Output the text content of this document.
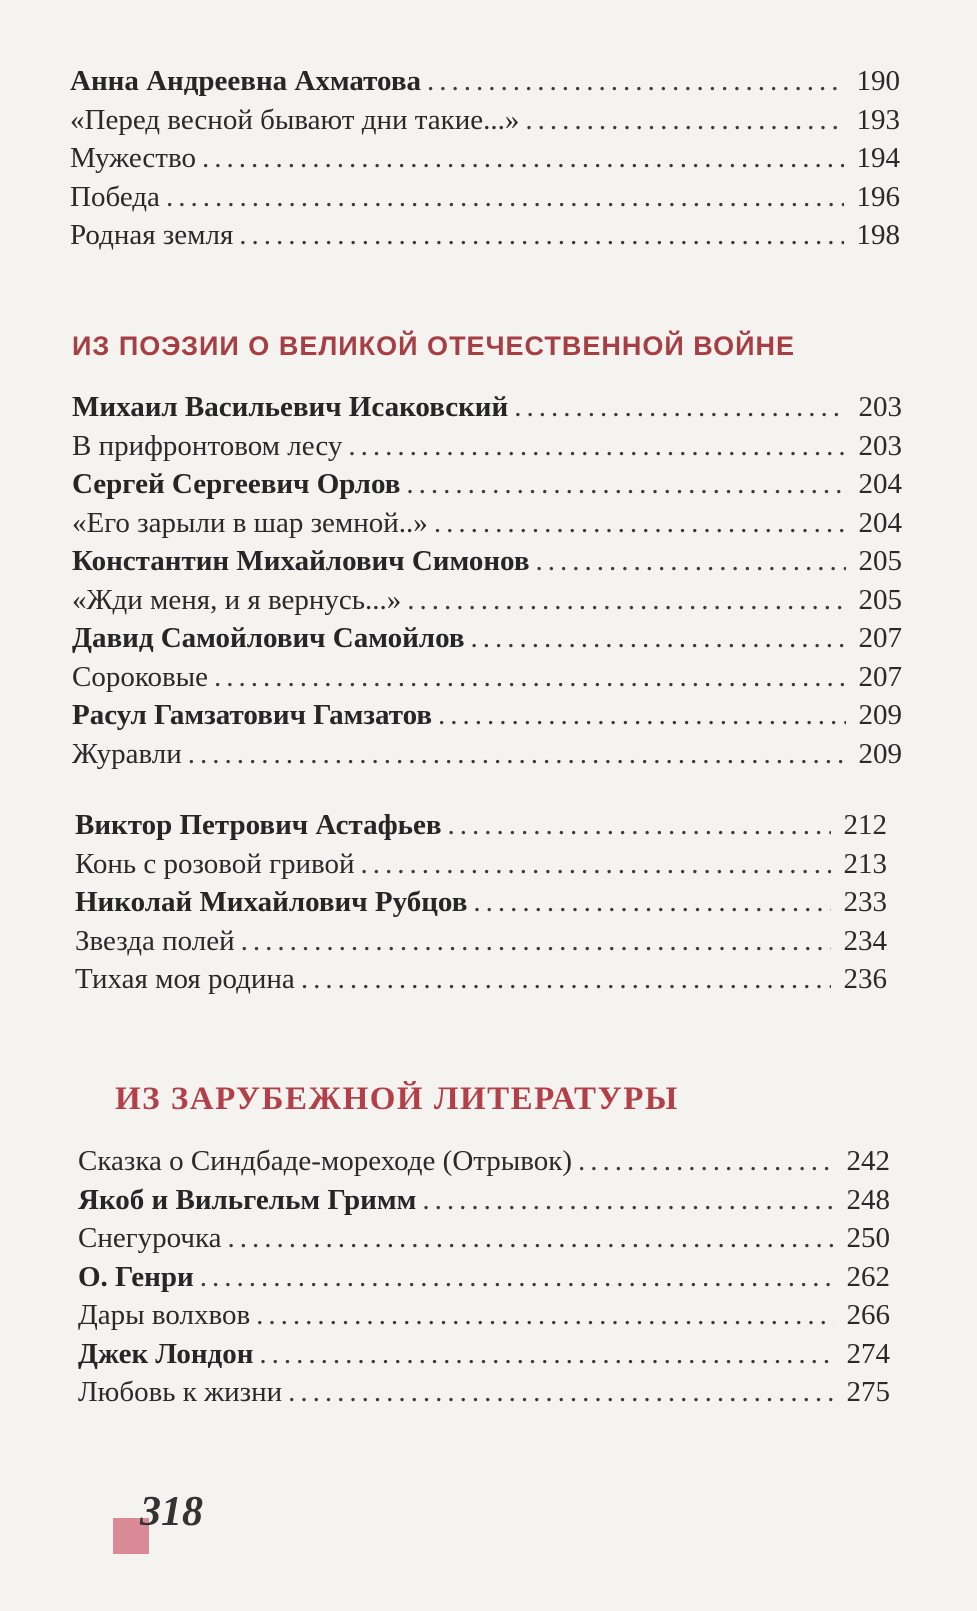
Анна Андреевна Ахматова .....	190
«Перед весной бывают дни такие...» .....	193
Мужество .....	194
Победа .....	196
Родная земля .....	198
ИЗ ПОЭЗИИ О ВЕЛИКОЙ ОТЕЧЕСТВЕННОЙ ВОЙНЕ
Михаил Васильевич Исаковский .....	203
В прифронтовом лесу .....	203
Сергей Сергеевич Орлов .....	204
«Его зарыли в шар земной..» .....	204
Константин Михайлович Симонов .....	205
«Жди меня, и я вернусь...» .....	205
Давид Самойлович Самойлов .....	207
Сороковые .....	207
Расул Гамзатович Гамзатов .....	209
Журавли .....	209
Виктор Петрович Астафьев .....	212
Конь с розовой гривой .....	213
Николай Михайлович Рубцов .....	233
Звезда полей .....	234
Тихая моя родина .....	236
ИЗ ЗАРУБЕЖНОЙ ЛИТЕРАТУРЫ
Сказка о Синдбаде-мореходе (Отрывок) .....	242
Якоб и Вильгельм Гримм .....	248
Снегурочка .....	250
О. Генри .....	262
Дары волхвов .....	266
Джек Лондон .....	274
Любовь к жизни .....	275
318
